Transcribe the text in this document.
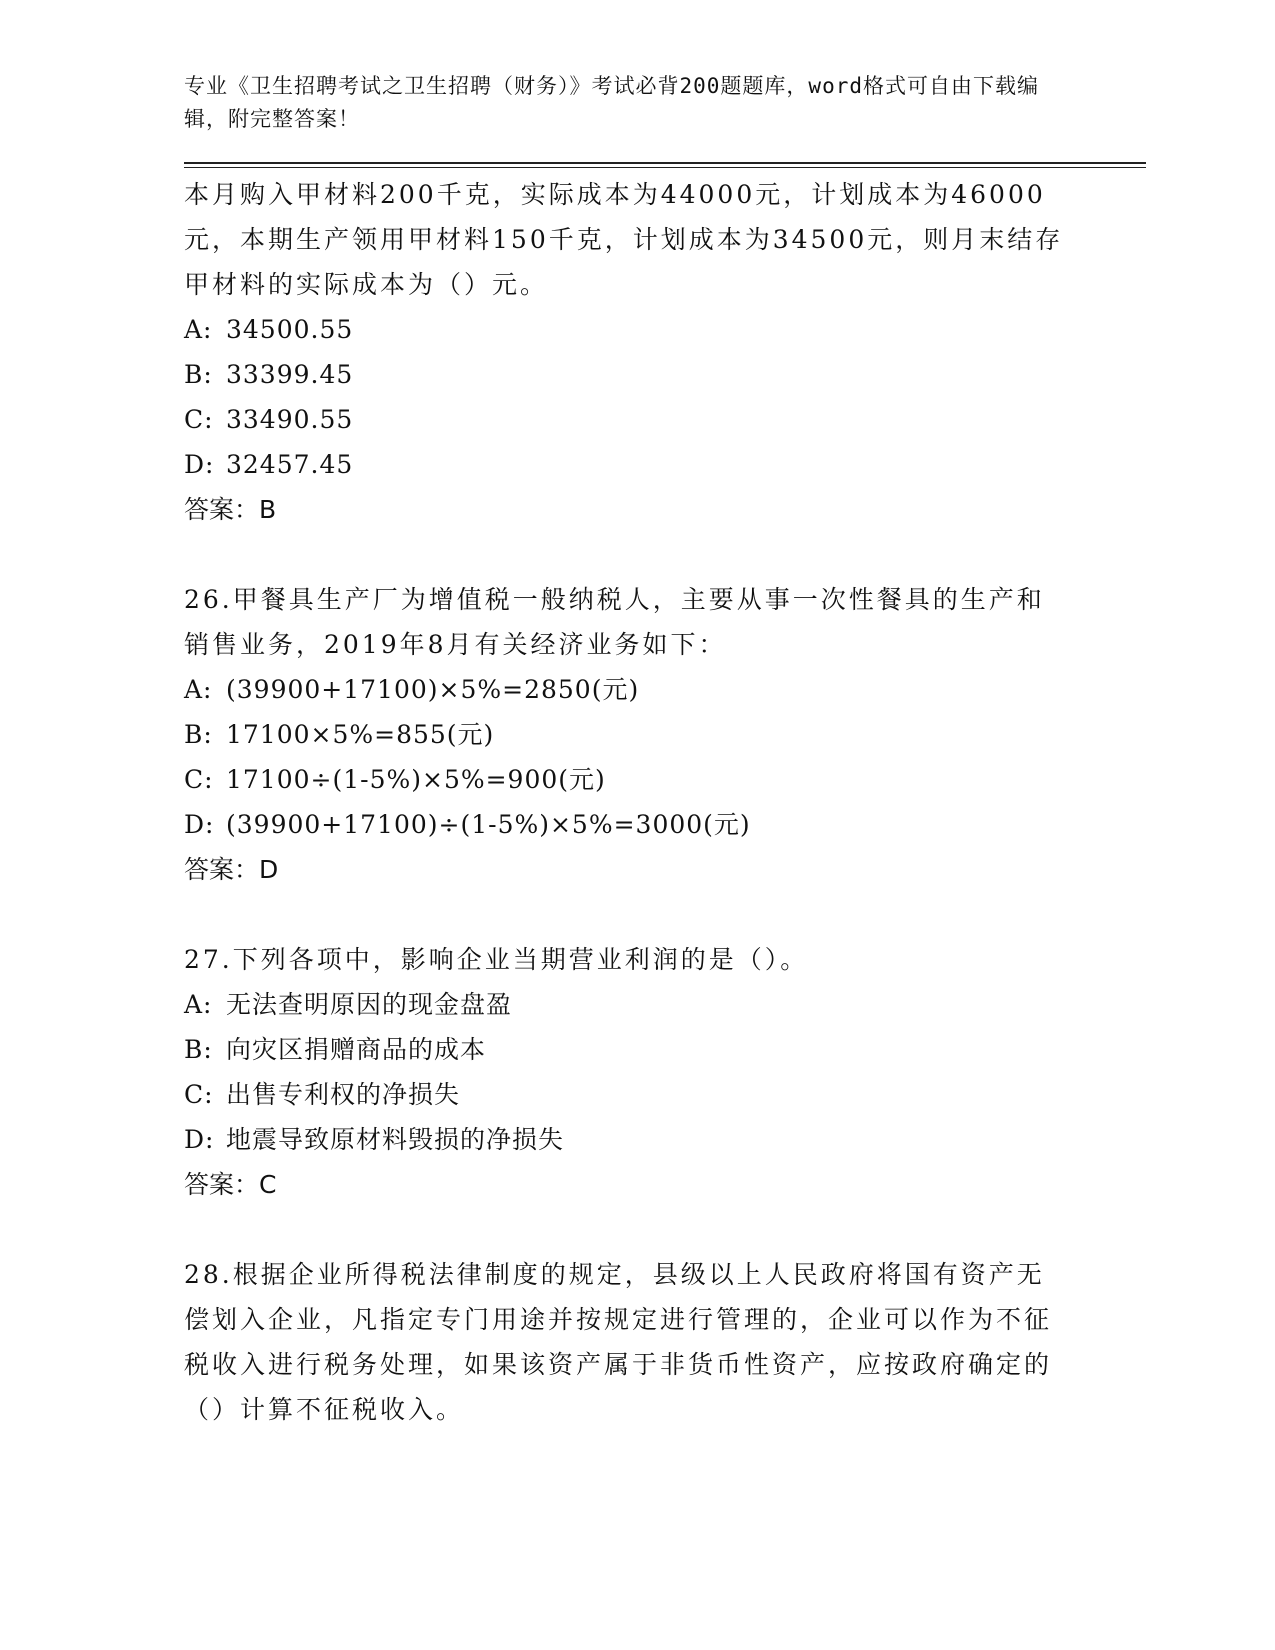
专业《卫生招聘考试之卫生招聘（财务）》考试必背200题题库，word格式可自由下载编辑，附完整答案！

本月购入甲材料200千克，实际成本为44000元，计划成本为46000元，本期生产领用甲材料150千克，计划成本为34500元，则月末结存甲材料的实际成本为（）元。

A: 34500.55

B: 33399.45

C: 33490.55

D: 32457.45

答案：B

26.甲餐具生产厂为增值税一般纳税人，主要从事一次性餐具的生产和销售业务，2019年8月有关经济业务如下：

A: (39900+17100)×5%=2850(元)

B: 17100×5%=855(元)

C: 17100÷(1-5%)×5%=900(元)

D: (39900+17100)÷(1-5%)×5%=3000(元)

答案：D

27.下列各项中，影响企业当期营业利润的是（）。

A: 无法查明原因的现金盘盈

B: 向灾区捐赠商品的成本

C: 出售专利权的净损失

D: 地震导致原材料毁损的净损失

答案：C

28.根据企业所得税法律制度的规定，县级以上人民政府将国有资产无偿划入企业，凡指定专门用途并按规定进行管理的，企业可以作为不征税收入进行税务处理，如果该资产属于非货币性资产，应按政府确定的（）计算不征税收入。
